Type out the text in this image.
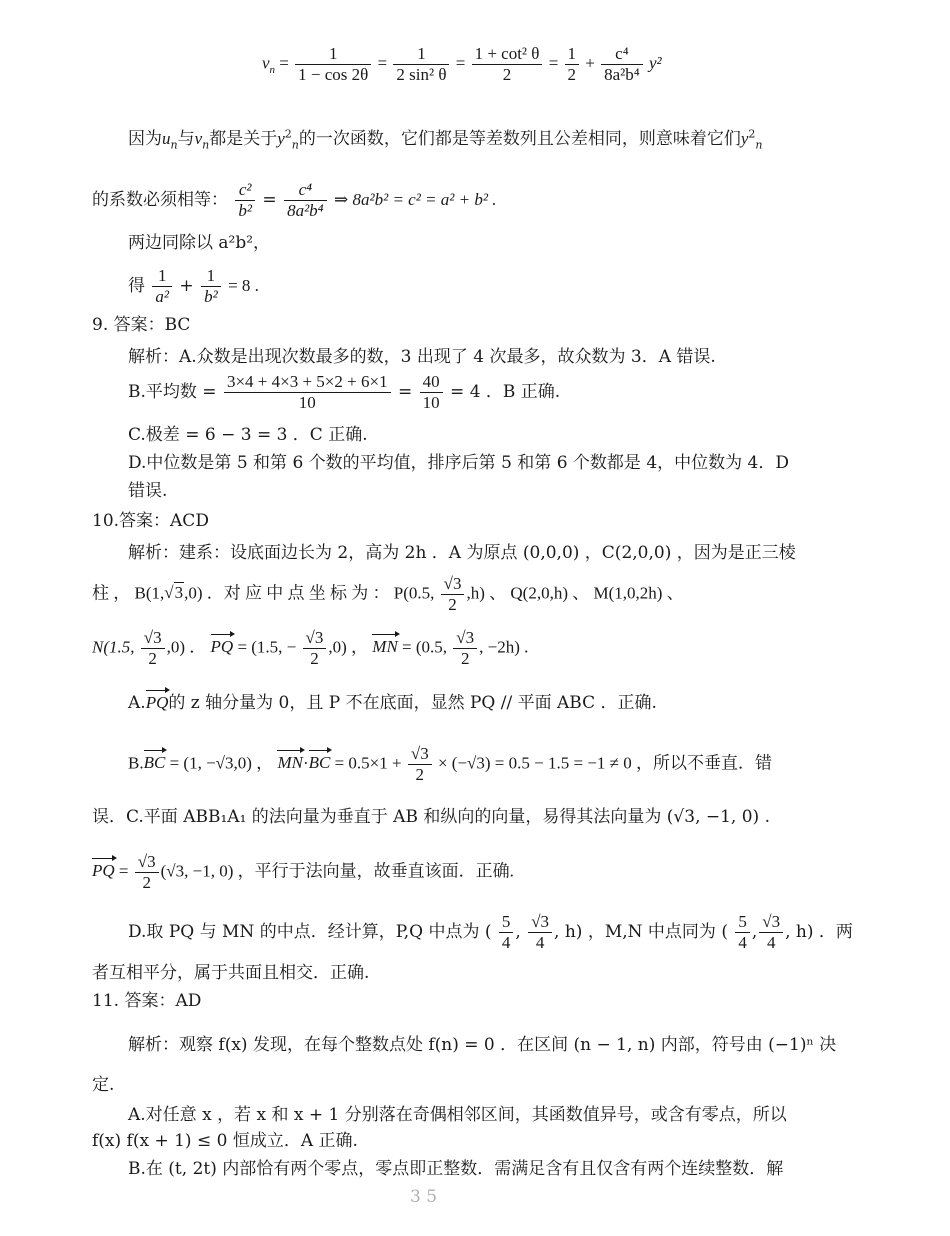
$v_n = \frac{1}{1 - \cos 2\theta} = \frac{1}{\text{2 sin² θ}} = \frac{\text{1 + cot² θ}}{2} = \frac{1}{2} + \frac{\text{c⁴}}{\text{8a²b⁴}} y^2$
因为$u_n$与$v_n$都是关于$y^2_n$的一次函数，它们都是等差数列且公差相同，则意味着它们$y^2_n$
的系数必须相等： $\frac{\text{c²}}{\text{b²}} = \frac{\text{c⁴}}{\text{8a²b⁴}}$ ⇒ 8a²b² = c² = a² + b² .
两边同除以 a²b²，
得 $\frac{1}{\text{a²}} + \frac{1}{\text{b²}} = 8$ .
9. 答案：BC
解析：A.众数是出现次数最多的数，3 出现了 4 次最多，故众数为 3．A 错误.
B.平均数 = $\frac{3\times 4 + 4\times 3 + 5\times 2 + 6\times 1}{10} = \frac{40}{10} = 4$ ．B 正确.
C.极差 = 6 − 3 = 3 ．C 正确.
D.中位数是第 5 和第 6 个数的平均值，排序后第 5 和第 6 个数都是 4，中位数为 4．D
错误.
10.答案：ACD
解析：建系：设底面边长为 2，高为 2h ．A 为原点 (0,0,0) ，C(2,0,0) ，因为是正三棱
柱 ， B(1,√3,0) ．对 应 中 点 坐 标 为 ： P(0.5, $\frac{√3}{2} ,h$) 、 Q(2,0,h) 、 M(1,0,2h) 、
N(1.5, $\frac{√3}{2} ,0$) ． PQ = (1.5, − $\frac{√3}{2} ,0$) ， MN = (0.5, $\frac{√3}{2}$ , −2h) .
A.PQ的 z 轴分量为 0，且 P 不在底面，显然 PQ // 平面 ABC ．正确.
B.BC = (1, −√3,0) ， $MN\cdot BC = 0.5\times 1 + \frac{√3}{2} \times (-√3) = 0.5 - 1.5 = -1 \ne 0$ ，所以不垂直．错
误．C.平面 ABB₁A₁ 的法向量为垂直于 AB 和纵向的向量，易得其法向量为 (√3, −1, 0) .
PQ = $\frac{√3}{2} (√3$, −1, 0) ，平行于法向量，故垂直该面．正确.
D.取 PQ 与 MN 的中点．经计算，P,Q 中点为 ( $\frac{5}{4}$ , $\frac{√3}{4}$ , h) ，M,N 中点同为 ( $\frac{5}{4}$ , $\frac{√3}{4}$ , h) ．两
者互相平分，属于共面且相交．正确.
11. 答案：AD
解析：观察 f(x) 发现，在每个整数点处 f(n) = 0 ．在区间 (n − 1, n) 内部，符号由 (−1)ⁿ 决
定.
A.对任意 x ，若 x 和 x + 1 分别落在奇偶相邻区间，其函数值异号，或含有零点，所以
f(x) f(x + 1) ≤ 0 恒成立．A 正确.
B.在 (t, 2t) 内部恰有两个零点，零点即正整数．需满足含有且仅含有两个连续整数．解
3 5
